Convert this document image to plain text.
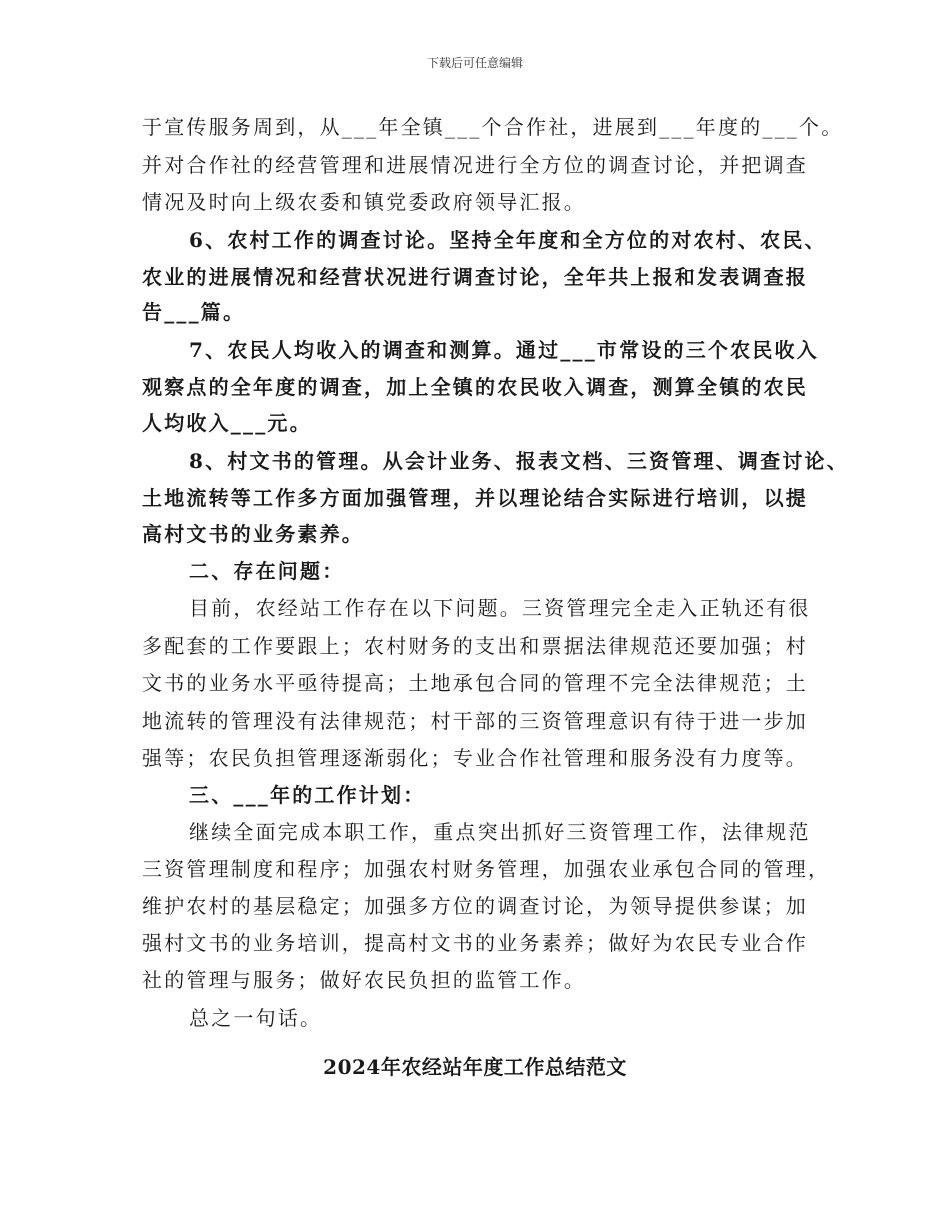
下载后可任意编辑
于宣传服务周到，从___年全镇___个合作社，进展到___年度的___个。
并对合作社的经营管理和进展情况进行全方位的调查讨论，并把调查
情况及时向上级农委和镇党委政府领导汇报。
6、农村工作的调查讨论。坚持全年度和全方位的对农村、农民、
农业的进展情况和经营状况进行调查讨论，全年共上报和发表调查报
告___篇。
7、农民人均收入的调查和测算。通过___市常设的三个农民收入
观察点的全年度的调查，加上全镇的农民收入调查，测算全镇的农民
人均收入___元。
8、村文书的管理。从会计业务、报表文档、三资管理、调查讨论、
土地流转等工作多方面加强管理，并以理论结合实际进行培训，以提
高村文书的业务素养。
二、存在问题：
目前，农经站工作存在以下问题。三资管理完全走入正轨还有很
多配套的工作要跟上；农村财务的支出和票据法律规范还要加强；村
文书的业务水平亟待提高；土地承包合同的管理不完全法律规范；土
地流转的管理没有法律规范；村干部的三资管理意识有待于进一步加
强等；农民负担管理逐渐弱化；专业合作社管理和服务没有力度等。
三、___年的工作计划：
继续全面完成本职工作，重点突出抓好三资管理工作，法律规范
三资管理制度和程序；加强农村财务管理，加强农业承包合同的管理，
维护农村的基层稳定；加强多方位的调查讨论，为领导提供参谋；加
强村文书的业务培训，提高村文书的业务素养；做好为农民专业合作
社的管理与服务；做好农民负担的监管工作。
总之一句话。
2024年农经站年度工作总结范文
